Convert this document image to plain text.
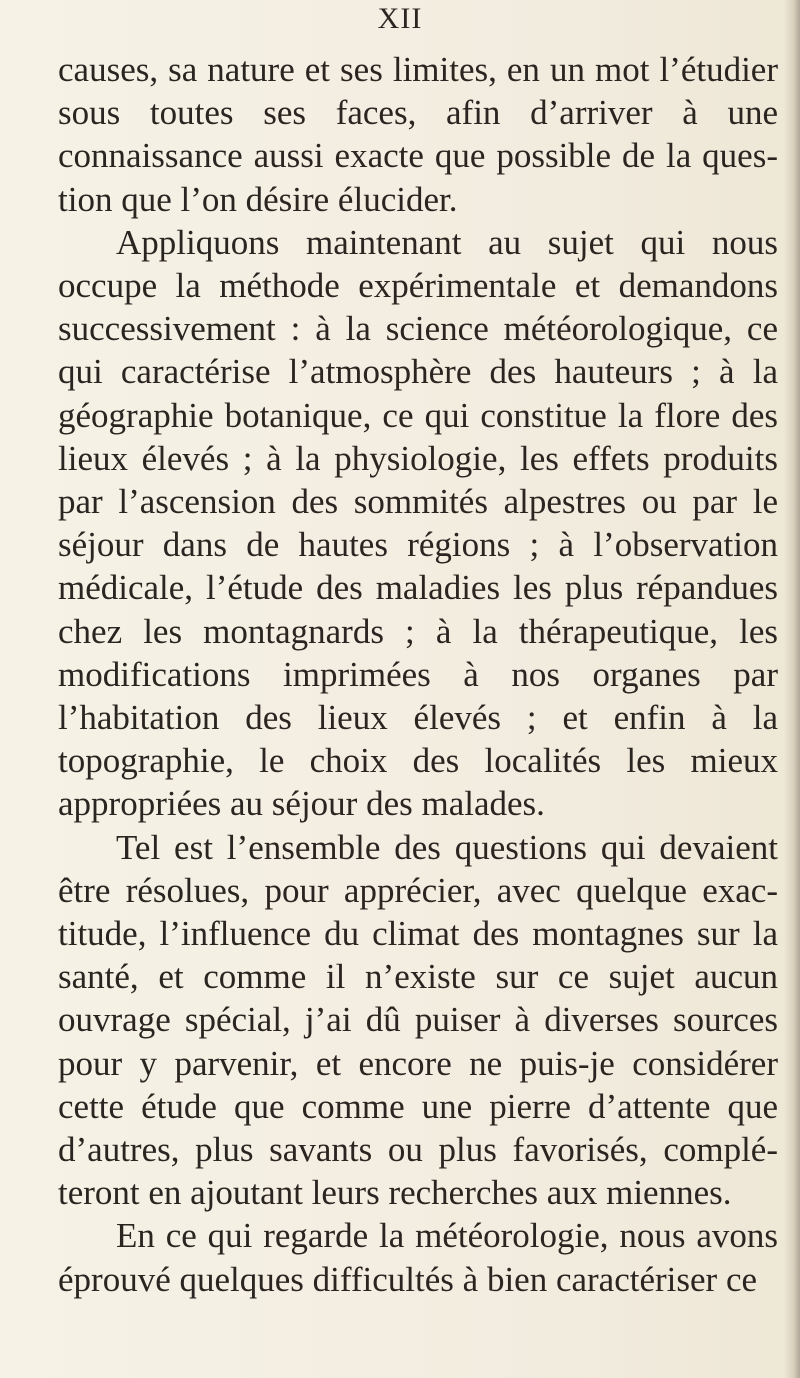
XII

causes, sa nature et ses limites, en un mot l’étudier sous toutes ses faces, afin d’arriver à une connaissance aussi exacte que possible de la question que l’on désire élucider.

Appliquons maintenant au sujet qui nous occupe la méthode expérimentale et demandons successivement : à la science météorologique, ce qui caractérise l’atmosphère des hauteurs ; à la géographie botanique, ce qui constitue la flore des lieux élevés ; à la physiologie, les effets produits par l’ascension des sommités alpestres ou par le séjour dans de hautes régions ; à l’observation médicale, l’étude des maladies les plus répandues chez les montagnards ; à la thérapeutique, les modifications imprimées à nos organes par l’habitation des lieux élevés ; et enfin à la topographie, le choix des localités les mieux appropriées au séjour des malades.

Tel est l’ensemble des questions qui devaient être résolues, pour apprécier, avec quelque exactitude, l’influence du climat des montagnes sur la santé, et comme il n’existe sur ce sujet aucun ouvrage spécial, j’ai dû puiser à diverses sources pour y parvenir, et encore ne puis-je considérer cette étude que comme une pierre d’attente que d’autres, plus savants ou plus favorisés, compléteront en ajoutant leurs recherches aux miennes.

En ce qui regarde la météorologie, nous avons éprouvé quelques difficultés à bien caractériser ce
